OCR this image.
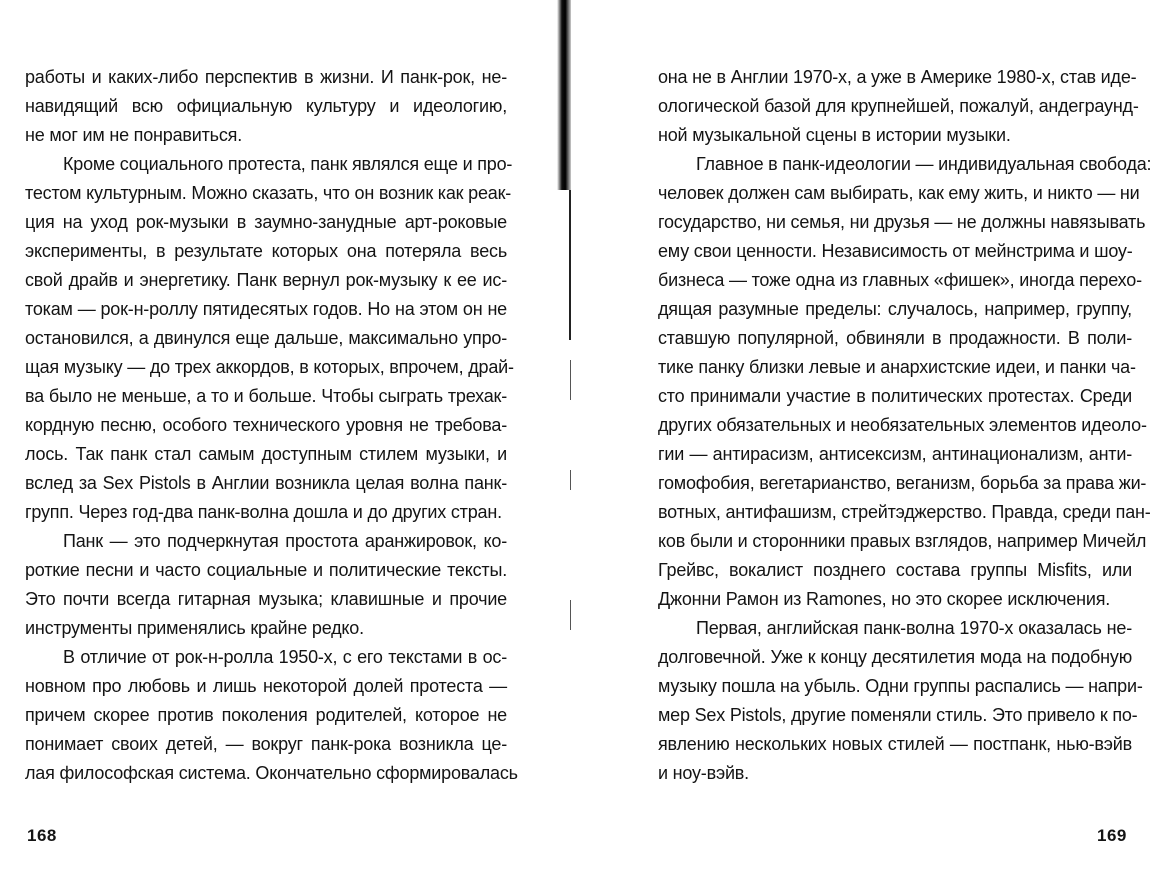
работы и каких-либо перспектив в жизни. И панк-рок, не-
навидящий всю официальную культуру и идеологию,
не мог им не понравиться.
Кроме социального протеста, панк являлся еще и про-
тестом культурным. Можно сказать, что он возник как реак-
ция на уход рок-музыки в заумно-занудные арт-роковые
эксперименты, в результате которых она потеряла весь
свой драйв и энергетику. Панк вернул рок-музыку к ее ис-
токам — рок-н-роллу пятидесятых годов. Но на этом он не
остановился, а двинулся еще дальше, максимально упро-
щая музыку — до трех аккордов, в которых, впрочем, драй-
ва было не меньше, а то и больше. Чтобы сыграть трехак-
кордную песню, особого технического уровня не требова-
лось. Так панк стал самым доступным стилем музыки, и
вслед за Sex Pistols в Англии возникла целая волна панк-
групп. Через год-два панк-волна дошла и до других стран.
Панк — это подчеркнутая простота аранжировок, ко-
роткие песни и часто социальные и политические тексты.
Это почти всегда гитарная музыка; клавишные и прочие
инструменты применялись крайне редко.
В отличие от рок-н-ролла 1950-х, с его текстами в ос-
новном про любовь и лишь некоторой долей протеста —
причем скорее против поколения родителей, которое не
понимает своих детей, — вокруг панк-рока возникла це-
лая философская система. Окончательно сформировалась
168
она не в Англии 1970-х, а уже в Америке 1980-х, став иде-
ологической базой для крупнейшей, пожалуй, андеграунд-
ной музыкальной сцены в истории музыки.
Главное в панк-идеологии — индивидуальная свобода:
человек должен сам выбирать, как ему жить, и никто — ни
государство, ни семья, ни друзья — не должны навязывать
ему свои ценности. Независимость от мейнстрима и шоу-
бизнеса — тоже одна из главных «фишек», иногда перехо-
дящая разумные пределы: случалось, например, группу,
ставшую популярной, обвиняли в продажности. В поли-
тике панку близки левые и анархистские идеи, и панки ча-
сто принимали участие в политических протестах. Среди
других обязательных и необязательных элементов идеоло-
гии — антирасизм, антисексизм, антинационализм, анти-
гомофобия, вегетарианство, веганизм, борьба за права жи-
вотных, антифашизм, стрейтэджерство. Правда, среди пан-
ков были и сторонники правых взглядов, например Мичейл
Грейвс, вокалист позднего состава группы Misfits, или
Джонни Рамон из Ramones, но это скорее исключения.
Первая, английская панк-волна 1970-х оказалась не-
долговечной. Уже к концу десятилетия мода на подобную
музыку пошла на убыль. Одни группы распались — напри-
мер Sex Pistols, другие поменяли стиль. Это привело к по-
явлению нескольких новых стилей — постпанк, нью-вэйв
и ноу-вэйв.
169
